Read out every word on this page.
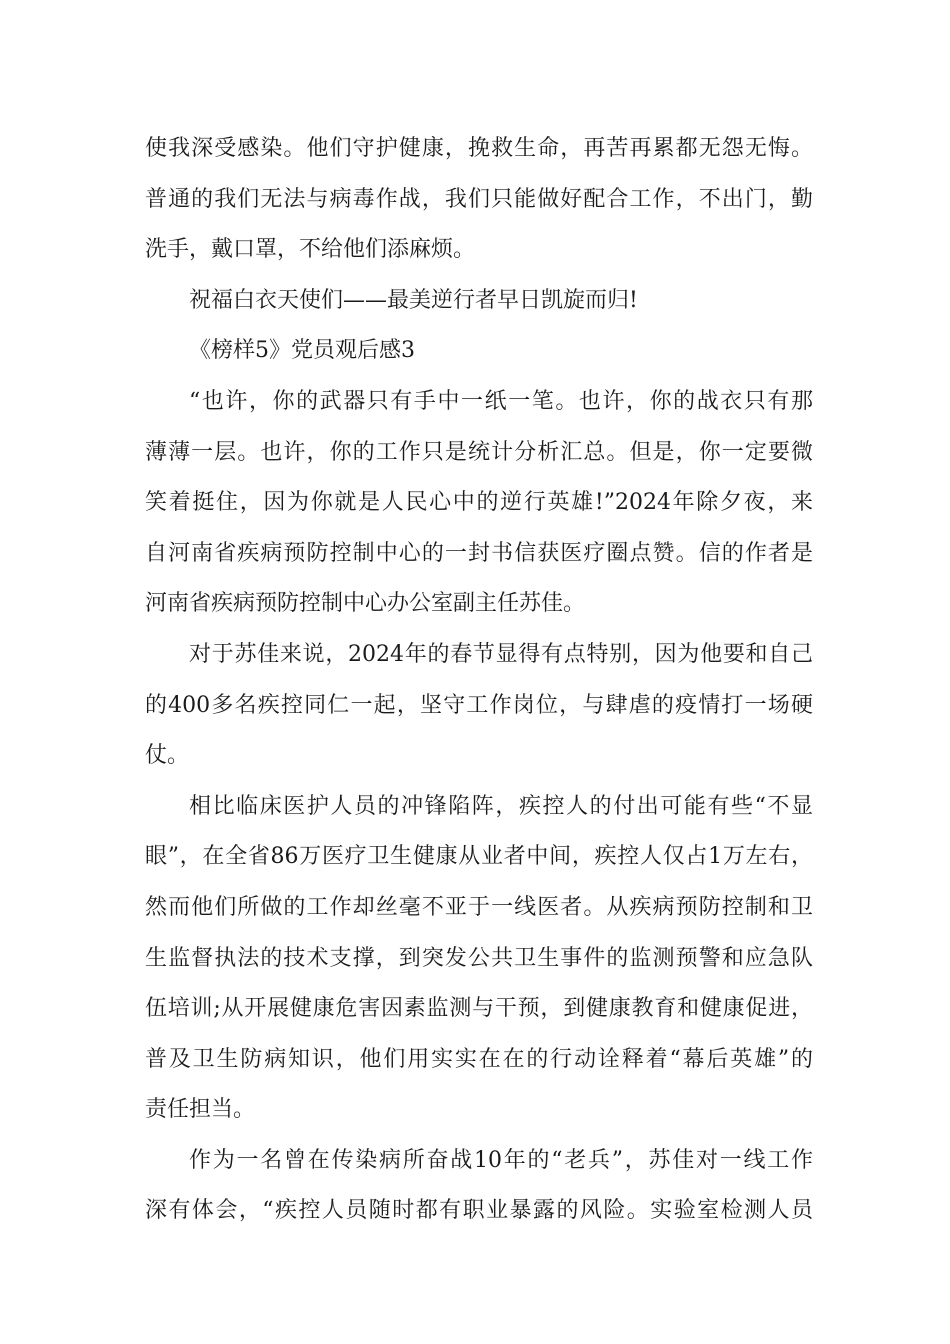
使我深受感染。他们守护健康，挽救生命，再苦再累都无怨无悔。
普通的我们无法与病毒作战，我们只能做好配合工作，不出门，勤
洗手，戴口罩，不给他们添麻烦。
祝福白衣天使们——最美逆行者早日凯旋而归!
《榜样5》党员观后感3
“也许，你的武器只有手中一纸一笔。也许，你的战衣只有那
薄薄一层。也许，你的工作只是统计分析汇总。但是，你一定要微
笑着挺住，因为你就是人民心中的逆行英雄!”2024年除夕夜，来
自河南省疾病预防控制中心的一封书信获医疗圈点赞。信的作者是
河南省疾病预防控制中心办公室副主任苏佳。
对于苏佳来说，2024年的春节显得有点特别，因为他要和自己
的400多名疾控同仁一起，坚守工作岗位，与肆虐的疫情打一场硬
仗。
相比临床医护人员的冲锋陷阵，疾控人的付出可能有些“不显
眼”，在全省86万医疗卫生健康从业者中间，疾控人仅占1万左右，
然而他们所做的工作却丝毫不亚于一线医者。从疾病预防控制和卫
生监督执法的技术支撑，到突发公共卫生事件的监测预警和应急队
伍培训;从开展健康危害因素监测与干预，到健康教育和健康促进，
普及卫生防病知识，他们用实实在在的行动诠释着“幕后英雄”的
责任担当。
作为一名曾在传染病所奋战10年的“老兵”，苏佳对一线工作
深有体会，“疾控人员随时都有职业暴露的风险。实验室检测人员
